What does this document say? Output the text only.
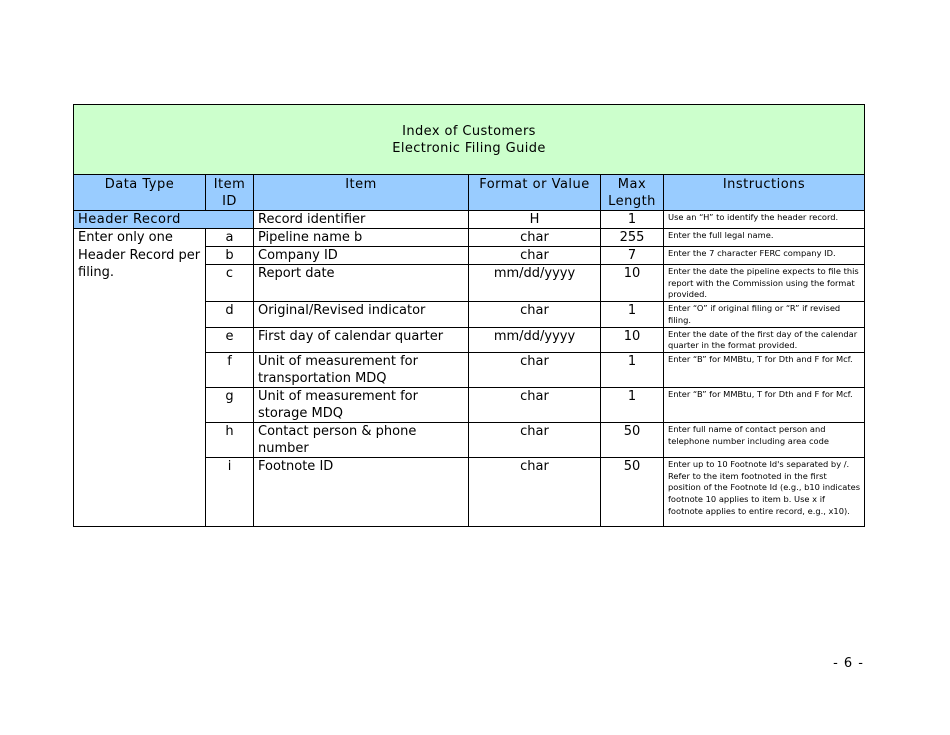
Index of Customers
Electronic Filing Guide					

Data Type	Item ID	Item	Format or Value	Max Length	Instructions
Header Record		Record identifier	H	1	Use an “H” to identify the header record.
Enter only one Header Record per filing.	a	Pipeline name b	char	255	Enter the full legal name.
	b	Company ID	char	7	Enter the 7 character FERC company ID.
	c	Report date	mm/dd/yyyy	10	Enter the date the pipeline expects to file this report with the Commission using the format provided.
	d	Original/Revised indicator	char	1	Enter “O” if original filing or “R” if revised filing.
	e	First day of calendar quarter	mm/dd/yyyy	10	Enter the date of the first day of the calendar quarter in the format provided.
	f	Unit of measurement for transportation MDQ	char	1	Enter “B” for MMBtu, T for Dth and F for Mcf.
	g	Unit of measurement for storage MDQ	char	1	Enter “B” for MMBtu, T for Dth and F for Mcf.
	h	Contact person & phone number	char	50	Enter full name of contact person and telephone number including area code
	i	Footnote ID	char	50	Enter up to 10 Footnote Id's separated by /. Refer to the item footnoted in the first position of the Footnote Id (e.g., b10 indicates footnote 10 applies to item b. Use x if footnote applies to entire record, e.g., x10).
- 6 -
